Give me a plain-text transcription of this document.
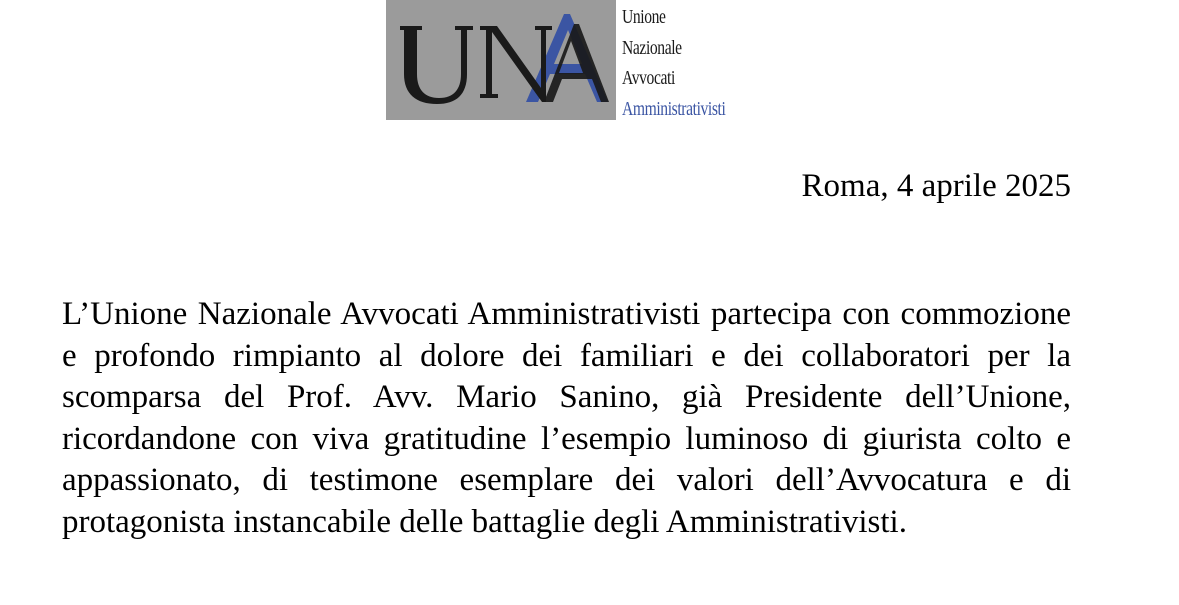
Unione
Nazionale
Avvocati
Amministrativisti
Roma, 4 aprile 2025

L’Unione Nazionale Avvocati Amministrativisti partecipa con commozione e profondo rimpianto al dolore dei familiari e dei collaboratori per la scomparsa del Prof. Avv. Mario Sanino, già Presidente dell’Unione, ricordandone con viva gratitudine l’esempio luminoso di giurista colto e appassionato, di testimone esemplare dei valori dell’Avvocatura e di protagonista instancabile delle battaglie degli Amministrativisti.
